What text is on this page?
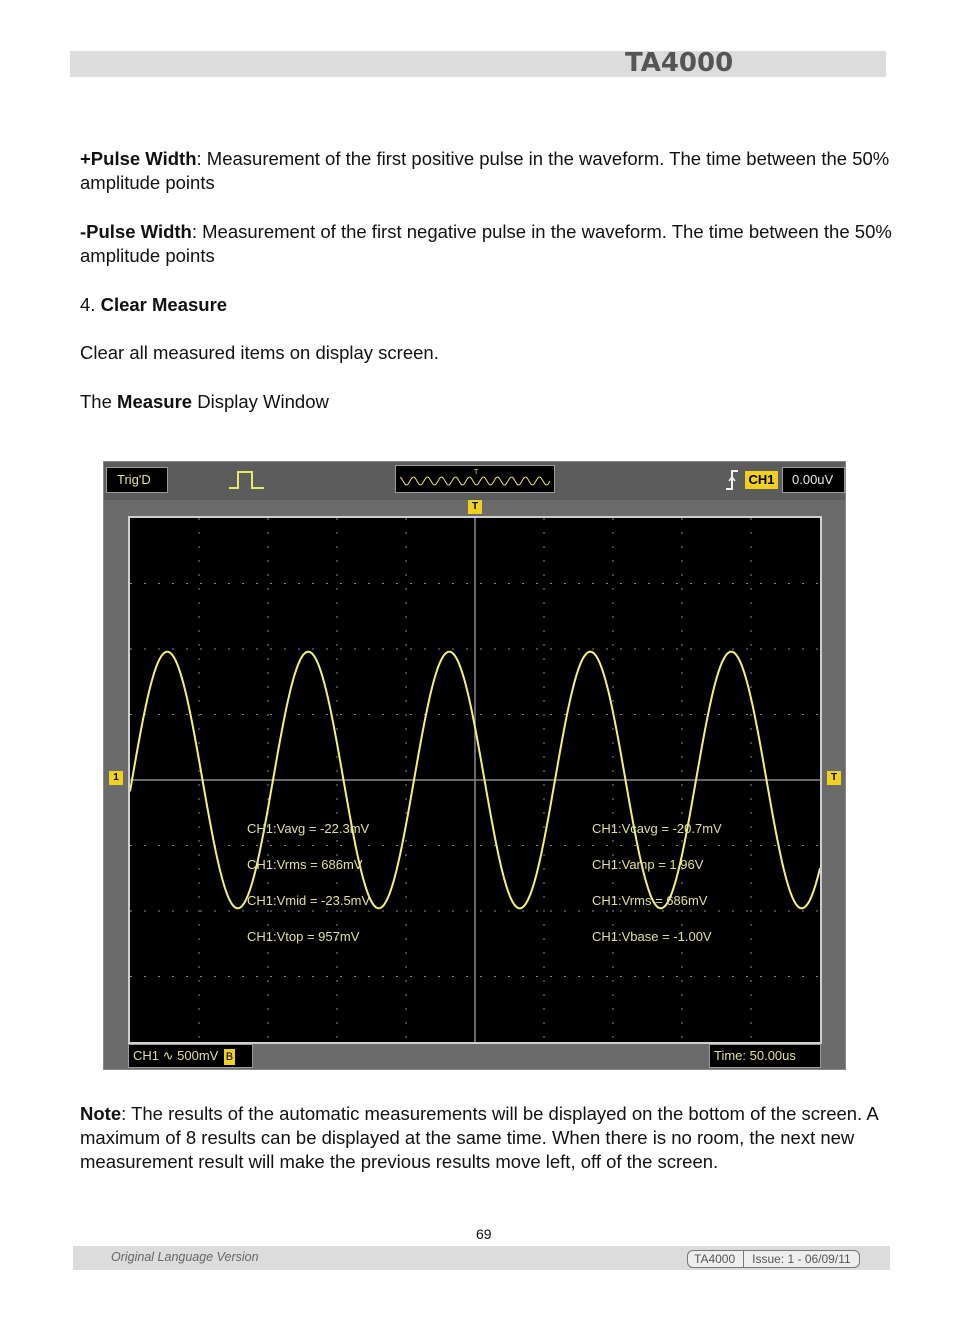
TA4000

+Pulse Width: Measurement of the first positive pulse in the waveform. The time between the 50% amplitude points

-Pulse Width: Measurement of the first negative pulse in the waveform. The time between the 50% amplitude points

4. Clear Measure

Clear all measured items on display screen.

The Measure Display Window

Trig'D	T	CH1 0.00uV
T
CH1:Vavg = -22.3mV
CH1:Vrms = 686mV
CH1:Vmid = -23.5mV
CH1:Vtop = 957mV
CH1:Vcavg = -20.7mV
CH1:Vamp = 1.96V
CH1:Vrms = 686mV
CH1:Vbase = -1.00V
1	T
CH1 ∿ 500mV B	Time: 50.00us

Note: The results of the automatic measurements will be displayed on the bottom of the screen. A maximum of 8 results can be displayed at the same time. When there is no room, the next new measurement result will make the previous results move left, off of the screen.

69
Original Language Version	TA4000 Issue: 1 - 06/09/11
